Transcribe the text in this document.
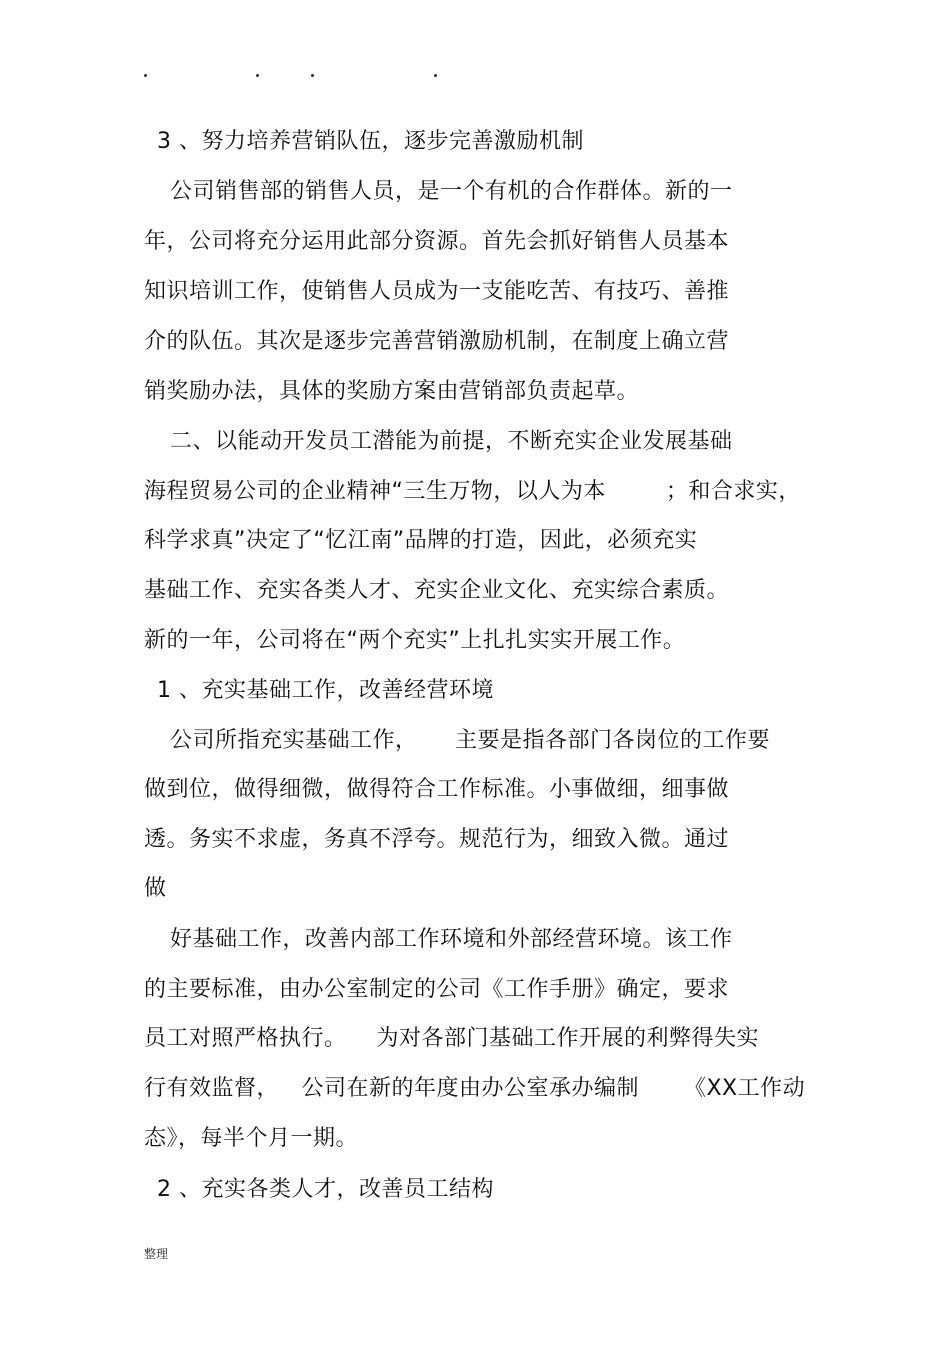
3 、努力培养营销队伍，逐步完善激励机制
公司销售部的销售人员，是一个有机的合作群体。新的一
年，公司将充分运用此部分资源。首先会抓好销售人员基本
知识培训工作，使销售人员成为一支能吃苦、有技巧、善推
介的队伍。其次是逐步完善营销激励机制，在制度上确立营
销奖励办法，具体的奖励方案由营销部负责起草。
二、以能动开发员工潜能为前提，不断充实企业发展基础
海程贸易公司的企业精神“三生万物，以人为本        ；和合求实，
科学求真”决定了“忆江南”品牌的打造，因此，必须充实
基础工作、充实各类人才、充实企业文化、充实综合素质。
新的一年，公司将在“两个充实”上扎扎实实开展工作。
1 、充实基础工作，改善经营环境
公司所指充实基础工作，     主要是指各部门各岗位的工作要
做到位，做得细微，做得符合工作标准。小事做细，细事做
透。务实不求虚，务真不浮夸。规范行为，细致入微。通过
做
好基础工作，改善内部工作环境和外部经营环境。该工作
的主要标准，由办公室制定的公司《工作手册》确定，要求
员工对照严格执行。    为对各部门基础工作开展的利弊得失实
行有效监督，   公司在新的年度由办公室承办编制      《XX工作动
态》，每半个月一期。
2 、充实各类人才，改善员工结构
整理
